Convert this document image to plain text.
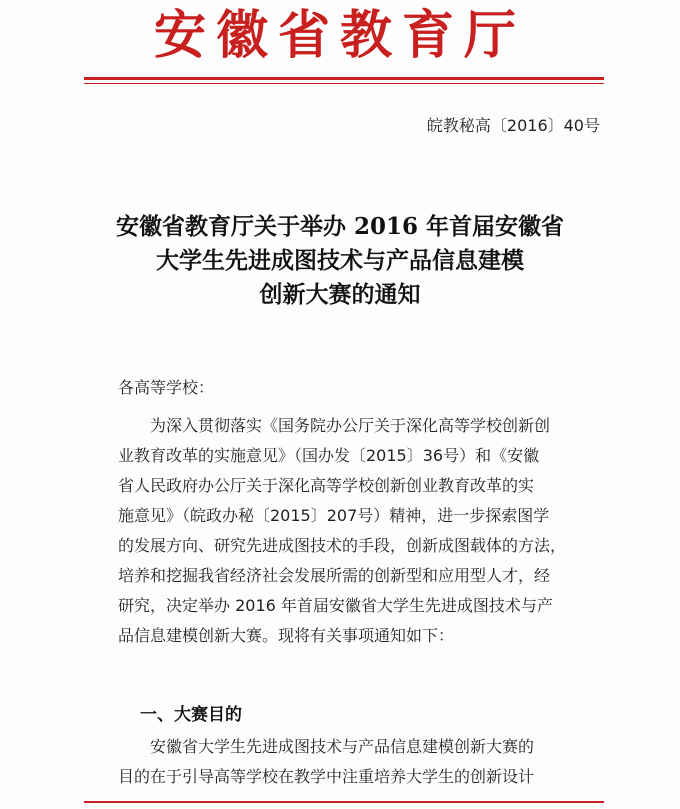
安徽省教育厅
皖教秘高〔2016〕40号
安徽省教育厅关于举办 2016 年首届安徽省
大学生先进成图技术与产品信息建模
创新大赛的通知
各高等学校：
　　为深入贯彻落实《国务院办公厅关于深化高等学校创新创
业教育改革的实施意见》（国办发〔2015〕36号）和《安徽
省人民政府办公厅关于深化高等学校创新创业教育改革的实
施意见》（皖政办秘〔2015〕207号）精神，进一步探索图学
的发展方向、研究先进成图技术的手段，创新成图载体的方法，
培养和挖掘我省经济社会发展所需的创新型和应用型人才，经
研究，决定举办 2016 年首届安徽省大学生先进成图技术与产
品信息建模创新大赛。现将有关事项通知如下：
一、大赛目的
　　安徽省大学生先进成图技术与产品信息建模创新大赛的
目的在于引导高等学校在教学中注重培养大学生的创新设计
